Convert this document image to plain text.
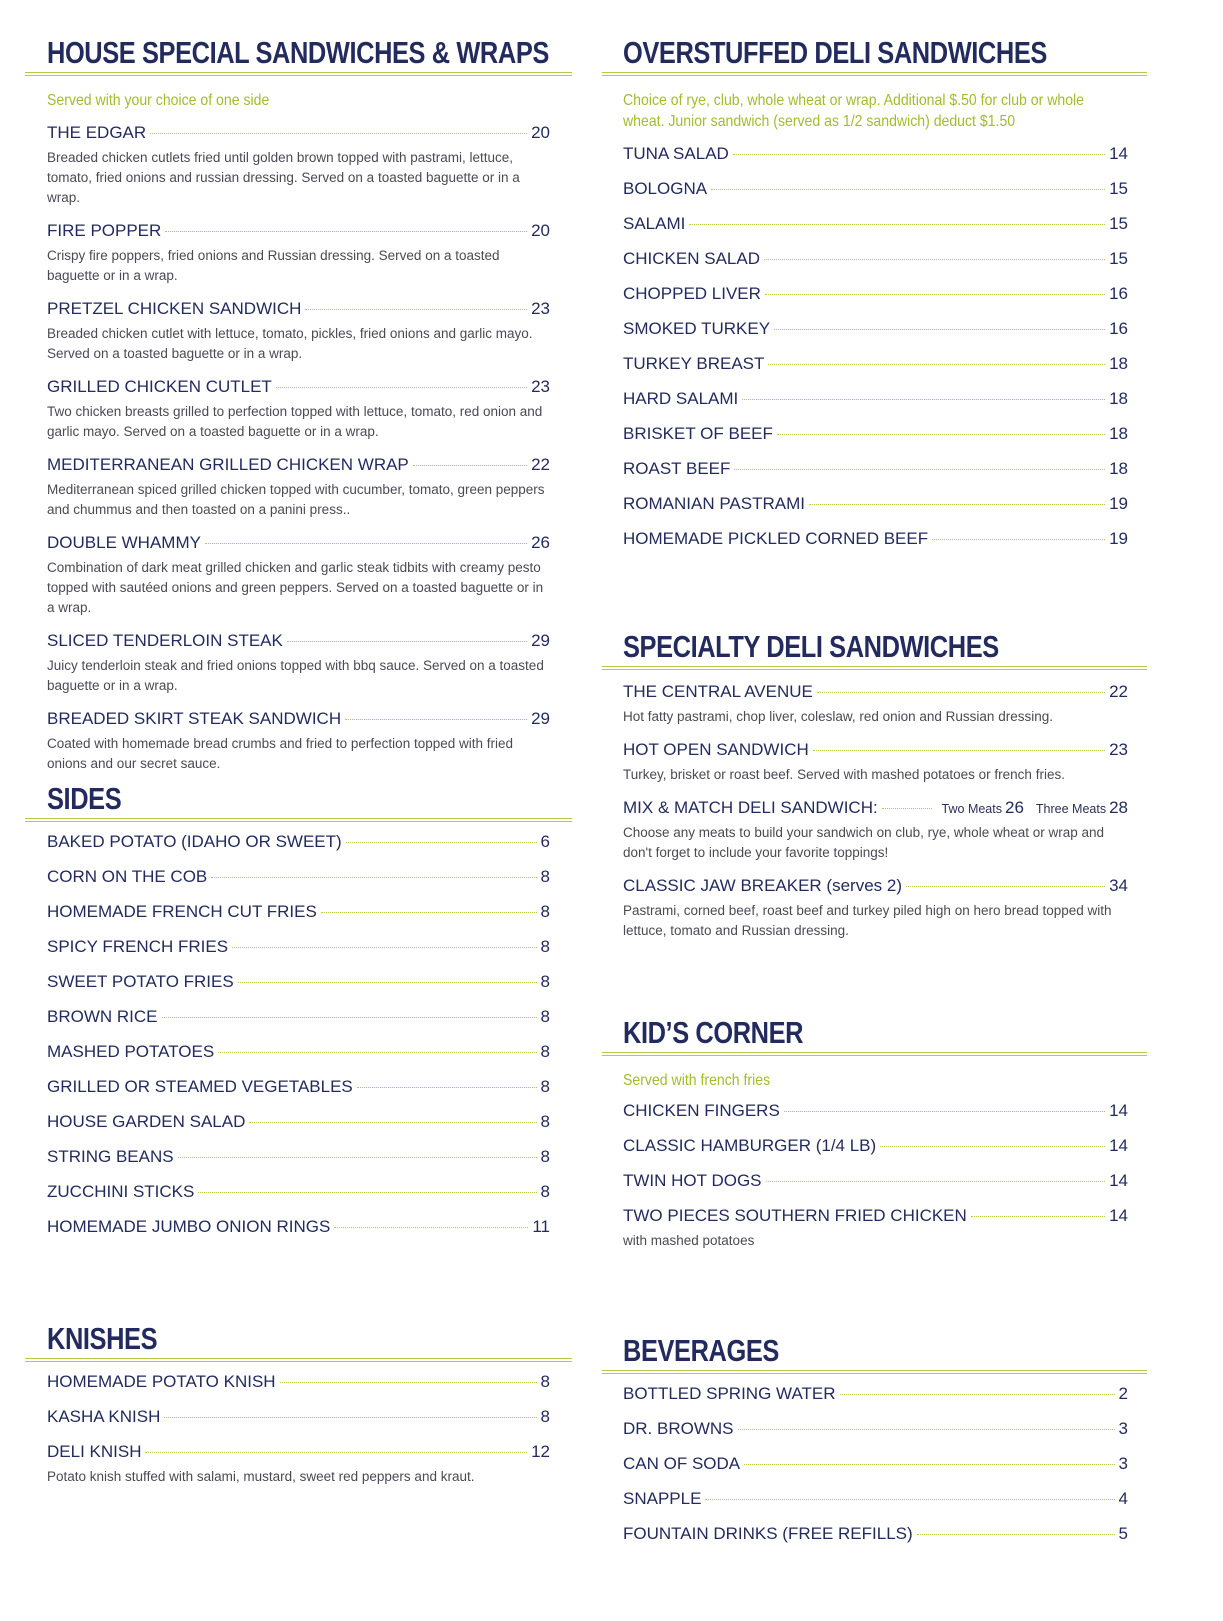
HOUSE SPECIAL SANDWICHES & WRAPS
Served with your choice of one side
THE EDGAR	20
Breaded chicken cutlets fried until golden brown topped with pastrami, lettuce, tomato, fried onions and russian dressing. Served on a toasted baguette or in a wrap.
FIRE POPPER	20
Crispy fire poppers, fried onions and Russian dressing. Served on a toasted baguette or in a wrap.
PRETZEL CHICKEN SANDWICH	23
Breaded chicken cutlet with lettuce, tomato, pickles, fried onions and garlic mayo. Served on a toasted baguette or in a wrap.
GRILLED CHICKEN CUTLET	23
Two chicken breasts grilled to perfection topped with lettuce, tomato, red onion and garlic mayo. Served on a toasted baguette or in a wrap.
MEDITERRANEAN GRILLED CHICKEN WRAP	22
Mediterranean spiced grilled chicken topped with cucumber, tomato, green peppers and chummus and then toasted on a panini press..
DOUBLE WHAMMY	26
Combination of dark meat grilled chicken and garlic steak tidbits with creamy pesto topped with sautéed onions and green peppers. Served on a toasted baguette or in a wrap.
SLICED TENDERLOIN STEAK	29
Juicy tenderloin steak and fried onions topped with bbq sauce. Served on a toasted baguette or in a wrap.
BREADED SKIRT STEAK SANDWICH	29
Coated with homemade bread crumbs and fried to perfection topped with fried onions and our secret sauce.
SIDES
BAKED POTATO (IDAHO OR SWEET)	6
CORN ON THE COB	8
HOMEMADE FRENCH CUT FRIES	8
SPICY FRENCH FRIES	8
SWEET POTATO FRIES	8
BROWN RICE	8
MASHED POTATOES	8
GRILLED OR STEAMED VEGETABLES	8
HOUSE GARDEN SALAD	8
STRING BEANS	8
ZUCCHINI STICKS	8
HOMEMADE JUMBO ONION RINGS	11
KNISHES
HOMEMADE POTATO KNISH	8
KASHA KNISH	8
DELI KNISH	12
Potato knish stuffed with salami, mustard, sweet red peppers and kraut.
OVERSTUFFED DELI SANDWICHES
Choice of rye, club, whole wheat or wrap. Additional $.50 for club or whole wheat. Junior sandwich (served as 1/2 sandwich) deduct $1.50
TUNA SALAD	14
BOLOGNA	15
SALAMI	15
CHICKEN SALAD	15
CHOPPED LIVER	16
SMOKED TURKEY	16
TURKEY BREAST	18
HARD SALAMI	18
BRISKET OF BEEF	18
ROAST BEEF	18
ROMANIAN PASTRAMI	19
HOMEMADE PICKLED CORNED BEEF	19
SPECIALTY DELI SANDWICHES
THE CENTRAL AVENUE	22
Hot fatty pastrami, chop liver, coleslaw, red onion and Russian dressing.
HOT OPEN SANDWICH	23
Turkey, brisket or roast beef. Served with mashed potatoes or french fries.
MIX & MATCH DELI SANDWICH:	Two Meats 26 Three Meats 28
Choose any meats to build your sandwich on club, rye, whole wheat or wrap and don't forget to include your favorite toppings!
CLASSIC JAW BREAKER (serves 2)	34
Pastrami, corned beef, roast beef and turkey piled high on hero bread topped with lettuce, tomato and Russian dressing.
KID’S CORNER
Served with french fries
CHICKEN FINGERS	14
CLASSIC HAMBURGER (1/4 LB)	14
TWIN HOT DOGS	14
TWO PIECES SOUTHERN FRIED CHICKEN	14
with mashed potatoes
BEVERAGES
BOTTLED SPRING WATER	2
DR. BROWNS	3
CAN OF SODA	3
SNAPPLE	4
FOUNTAIN DRINKS (FREE REFILLS)	5
